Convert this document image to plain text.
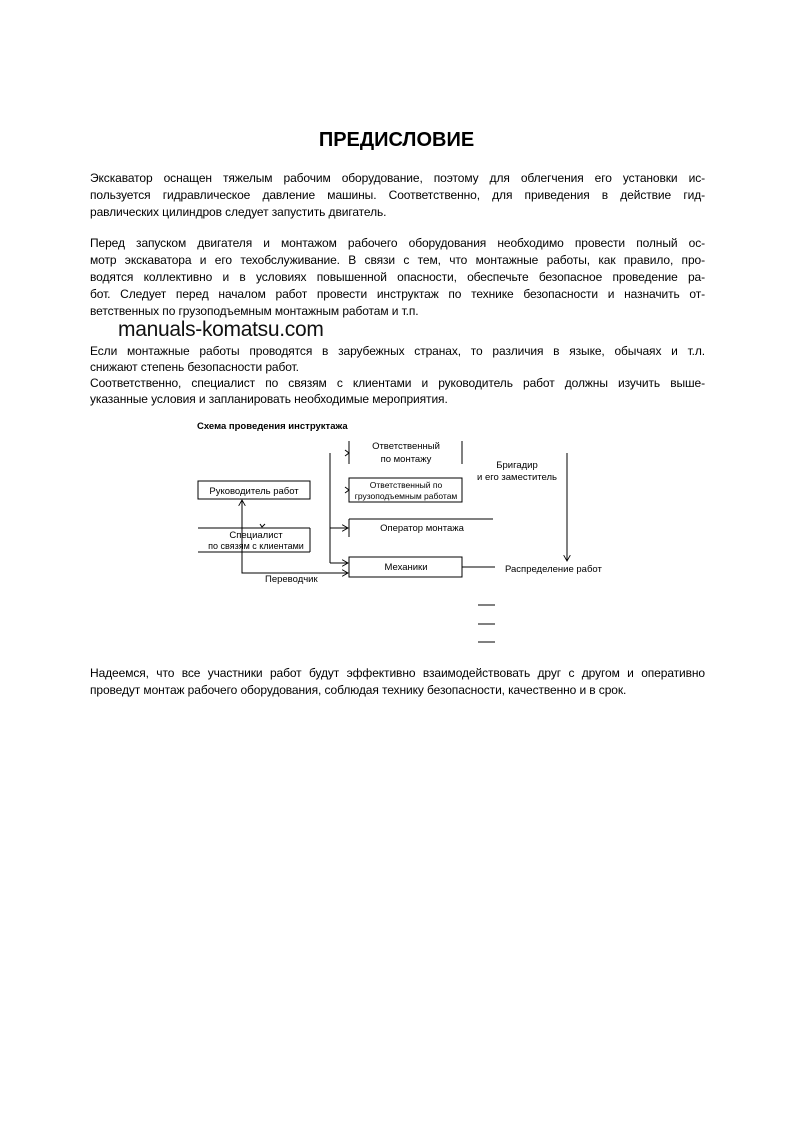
ПРЕДИСЛОВИЕ
Экскаватор оснащен тяжелым рабочим оборудование, поэтому для облегчения его установки ис-
пользуется гидравлическое давление машины. Соответственно, для приведения в действие гид-
равлических цилиндров следует запустить двигатель.
Перед запуском двигателя и монтажом рабочего оборудования необходимо провести полный ос-
мотр экскаватора и его техобслуживание. В связи с тем, что монтажные работы, как правило, про-
водятся коллективно и в условиях повышенной опасности, обеспечьте безопасное проведение ра-
бот. Следует перед началом работ провести инструктаж по технике безопасности и назначить от-
ветственных по грузоподъемным монтажным работам и т.п.
manuals-komatsu.com
Если монтажные работы проводятся в зарубежных странах, то различия в языке, обычаях и т.л.
снижают степень безопасности работ.
Соответственно, специалист по связям с клиентами и руководитель работ должны изучить выше-
указанные условия и запланировать необходимые мероприятия.
Схема проведения инструктажа
Ответственный
по монтажу
Ответственный по
грузоподъемным работам
Оператор монтажа
Механики	Распределение работ
Бригадир
и его заместитель
Руководитель работ
Специалист
по связям с клиентами
Переводчик
Надеемся, что все участники работ будут эффективно взаимодействовать друг с другом и оперативно
проведут монтаж рабочего оборудования, соблюдая технику безопасности, качественно и в срок.
